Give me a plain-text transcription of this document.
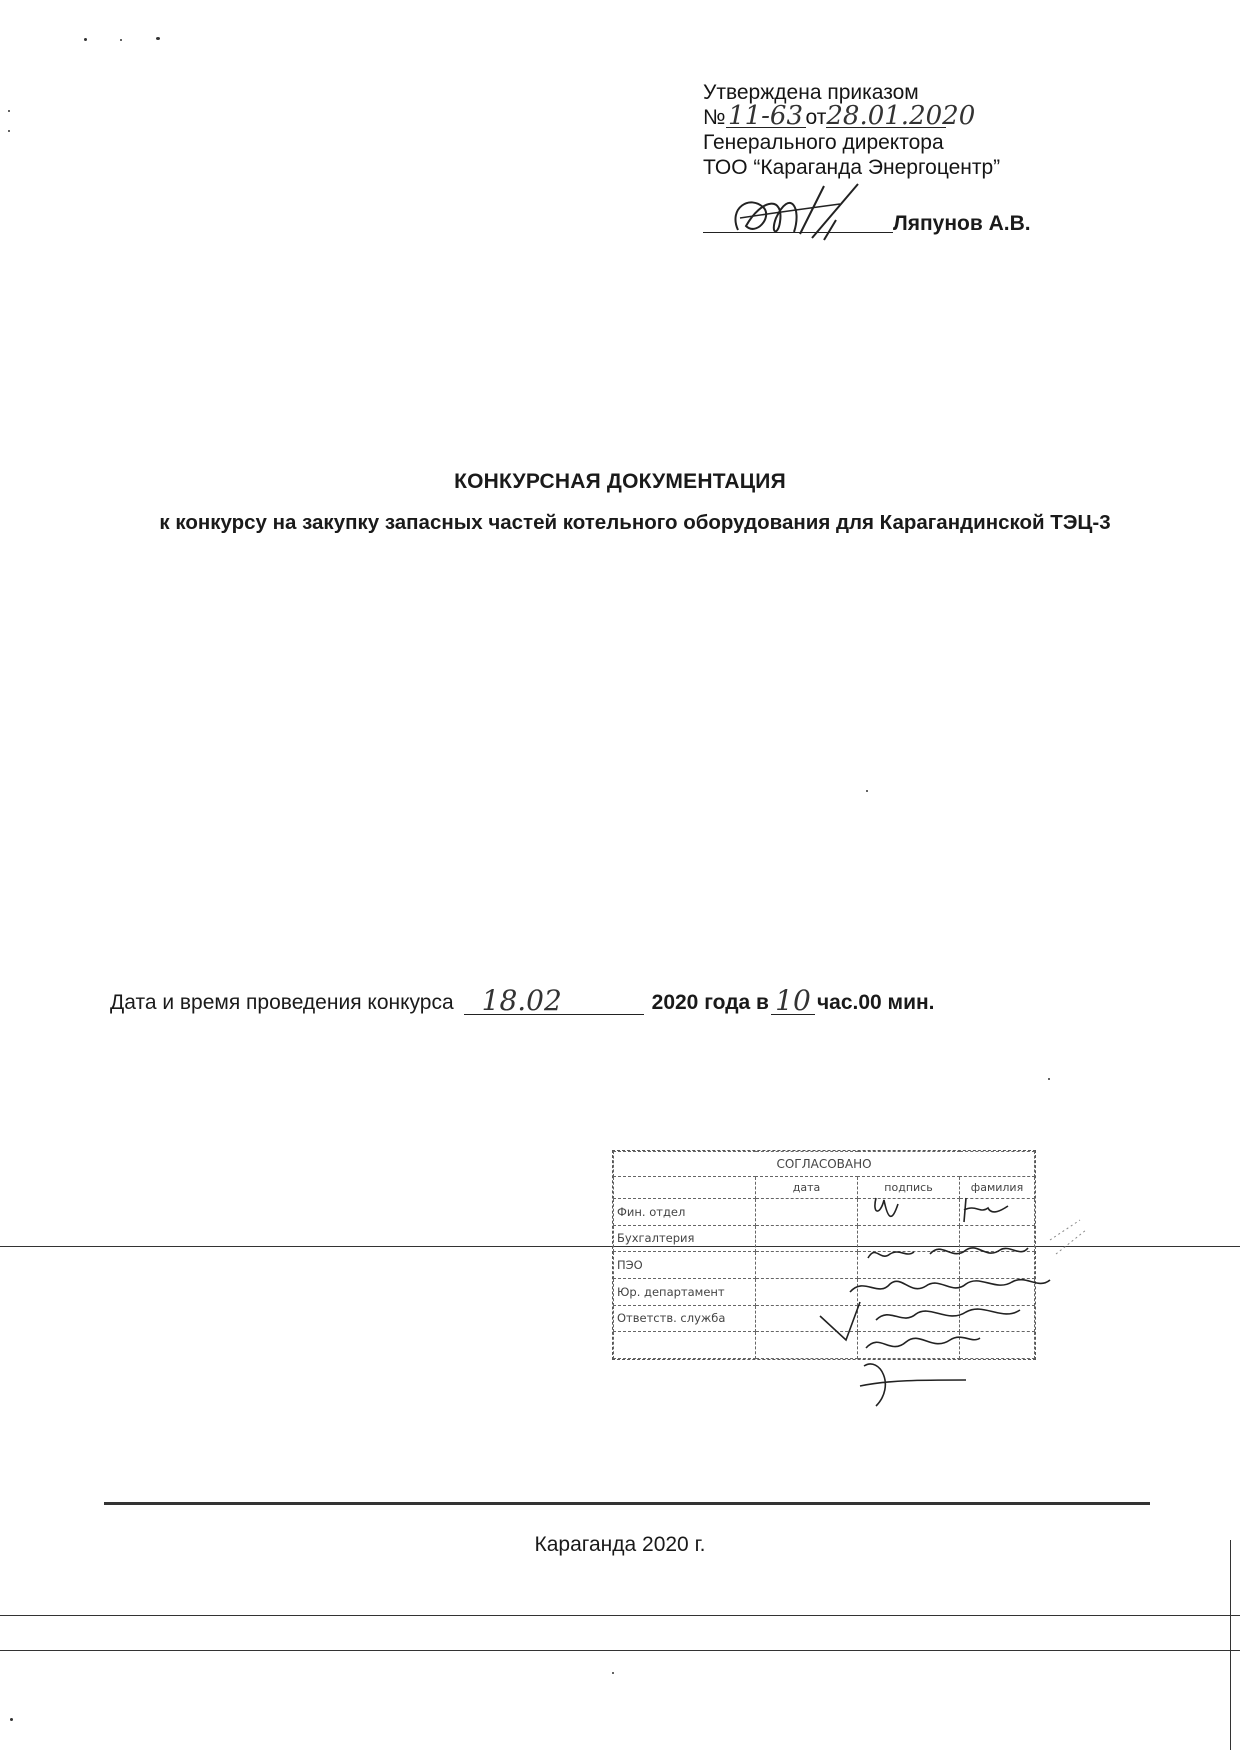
Утверждена приказом
№11-63 от28.01.2020
Генерального директора
ТОО “Караганда Энергоцентр”
Ляпунов А.В.
КОНКУРСНАЯ ДОКУМЕНТАЦИЯ
к конкурсу на закупку запасных частей котельного оборудования для Карагандинской ТЭЦ-3
Дата и время проведения конкурса	18.02	2020 года в 10 час.00 мин.
СОГЛАСОВАНО			
	дата	подпись	фамилия
Фин. отдел			
Бухгалтерия			
ПЭО			
Юр. департамент			
Ответств. служба			

Караганда 2020 г.
